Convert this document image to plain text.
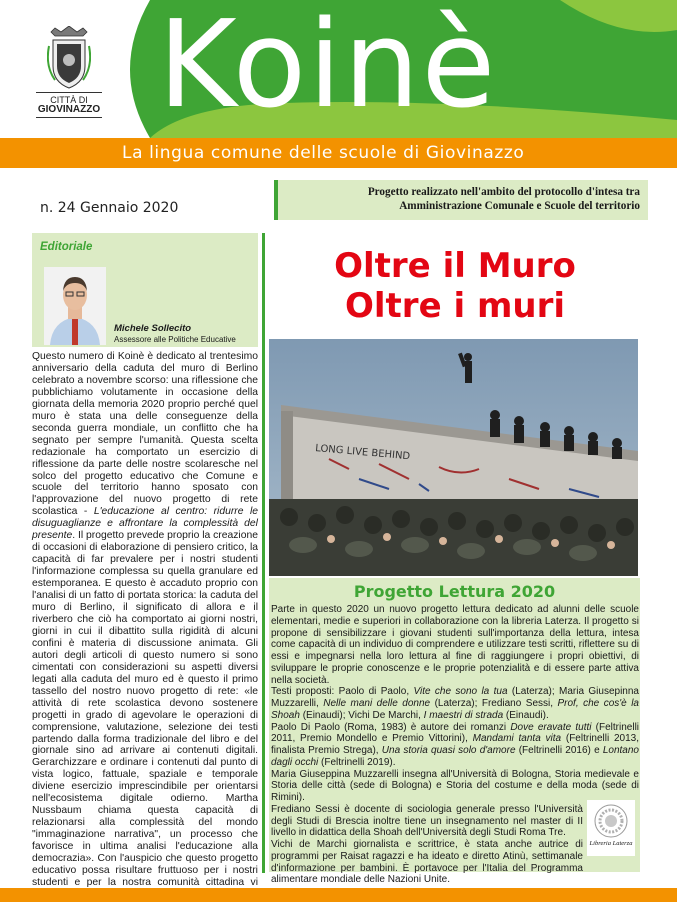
CITTÀ DI
GIOVINAZZO Koinè
La lingua comune delle scuole di Giovinazzo
n. 24 Gennaio 2020
Progetto realizzato nell'ambito del protocollo d'intesa tra
Amministrazione Comunale e Scuole del territorio
Editoriale
Michele Sollecito
Assessore alle Politiche Educative
Questo numero di Koinè è dedicato al trentesimo anniversario della caduta del muro di Berlino celebrato a novembre scorso: una riflessione che pubblichiamo volutamente in occasione della giornata della memoria 2020 proprio perché quel muro è stata una delle conseguenze della seconda guerra mondiale, un conflitto che ha segnato per sempre l'umanità. Questa scelta redazionale ha comportato un esercizio di riflessione da parte delle nostre scolaresche nel solco del progetto educativo che Comune e scuole del territorio hanno sposato con l'approvazione del nuovo progetto di rete scolastica - L'educazione al centro: ridurre le disuguaglianze e affrontare la complessità del presente. Il progetto prevede proprio la creazione di occasioni di elaborazione di pensiero critico, la capacità di far prevalere per i nostri studenti l'informazione complessa su quella granulare ed estemporanea. E questo è accaduto proprio con l'analisi di un fatto di portata storica: la caduta del muro di Berlino, il significato di allora e il riverbero che ciò ha comportato ai giorni nostri, giorni in cui il dibattito sulla rigidità di alcuni confini è materia di discussione animata. Gli autori degli articoli di questo numero si sono cimentati con considerazioni su aspetti diversi legati alla caduta del muro ed è questo il primo tassello del nostro nuovo progetto di rete: «le attività di rete scolastica devono sostenere progetti in grado di agevolare le operazioni di comprensione, valutazione, selezione dei testi partendo dalla forma tradizionale del libro e del giornale sino ad arrivare ai contenuti digitali. Gerarchizzare e ordinare i contenuti dal punto di vista logico, fattuale, spaziale e temporale diviene esercizio imprescindibile per orientarsi nell'ecosistema digitale odierno. Martha Nussbaum chiama questa capacità di relazionarsi alla complessità del mondo "immaginazione narrativa", un processo che favorisce in ultima analisi l'educazione alla democrazia». Con l'auspicio che questo progetto educativo possa risultare fruttuoso per i nostri studenti e per la nostra comunità cittadina vi
Oltre il Muro
Oltre i muri
LONG LIVE BEHIND
Progetto Lettura 2020

Parte in questo 2020 un nuovo progetto lettura dedicato ad alunni delle scuole elementari, medie e superiori in collaborazione con la libreria Laterza. Il progetto si propone di sensibilizzare i giovani studenti sull'importanza della lettura, intesa come capacità di un individuo di comprendere e utilizzare testi scritti, riflettere su di essi e impegnarsi nella loro lettura al fine di raggiungere i propri obiettivi, di sviluppare le proprie conoscenze e le proprie potenzialità e di essere parte attiva nella società.

Testi proposti: Paolo di Paolo, Vite che sono la tua (Laterza); Maria Giusepinna Muzzarelli, Nelle mani delle donne (Laterza); Frediano Sessi, Prof, che cos'è la Shoah (Einaudi); Vichi De Marchi, I maestri di strada (Einaudi).

Paolo Di Paolo (Roma, 1983) è autore dei romanzi Dove eravate tutti (Feltrinelli 2011, Premio Mondello e Premio Vittorini), Mandami tanta vita (Feltrinelli 2013, finalista Premio Strega), Una storia quasi solo d'amore (Feltrinelli 2016) e Lontano dagli occhi (Feltrinelli 2019).

Maria Giuseppina Muzzarelli insegna all'Università di Bologna, Storia medievale e Storia delle città (sede di Bologna) e Storia del costume e della moda (sede di Rimini).

Frediano Sessi è docente di sociologia generale presso l'Università degli Studi di Brescia inoltre tiene un insegnamento nel master di II livello in didattica della Shoah dell'Università degli Studi Roma Tre.

Vichi de Marchi giornalista e scrittrice, è stata anche autrice di programmi per Raisat ragazzi e ha ideato e diretto Atinù, settimanale d'informazione per bambini. È portavoce per l'Italia del Programma alimentare mondiale delle Nazioni Unite.

Libreria Laterza
